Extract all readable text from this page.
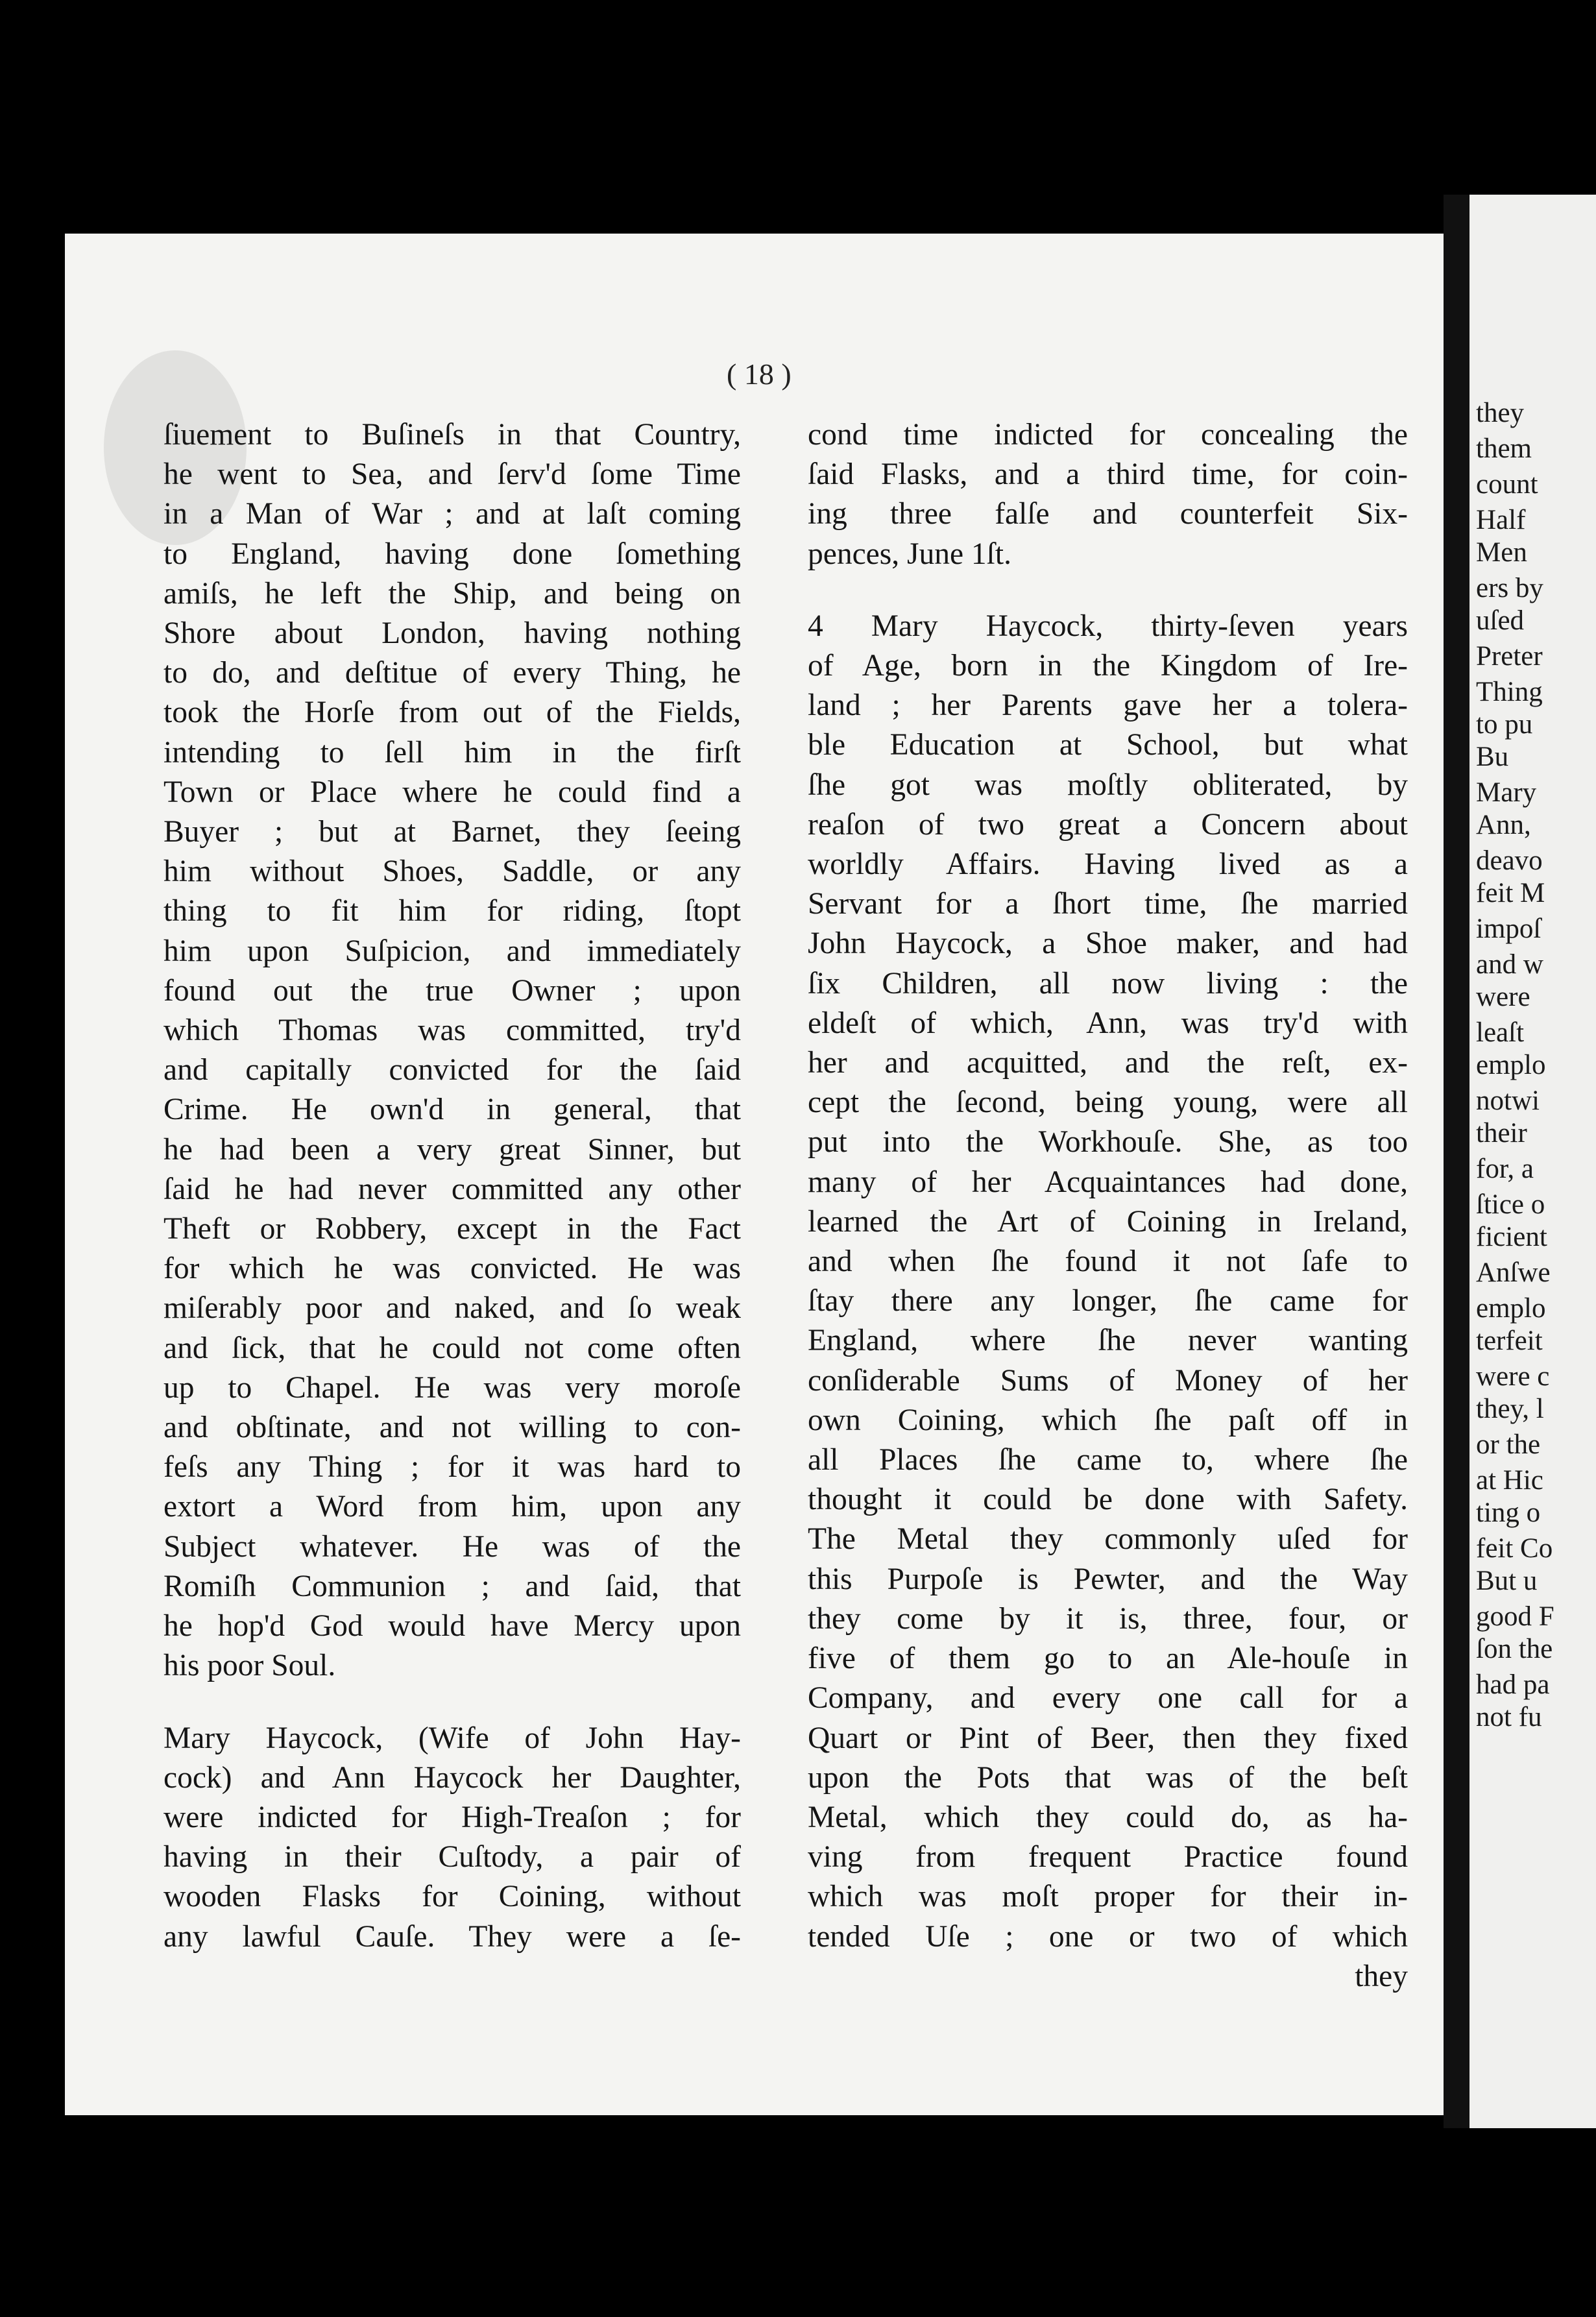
they
them
count
Half
Men
ers by
uſed
Preter
Thing
to pu
Bu
Mary
Ann,
deavo
feit M
impoſ
and w
were
leaſt
emplo
notwi
their
for, a
ſtice o
ficient
Anſwe
emplo
terfeit
were c
they, l
or the
at Hic
ting o
feit Co
But u
good F
ſon the
had pa
not fu
( 18 )
ſiuement to Buſineſs in that Country,
he went to Sea, and ſerv'd ſome Time
in a Man of War ; and at laſt coming
to England, having done ſomething
amiſs, he left the Ship, and being on
Shore about London, having nothing
to do, and deſtitue of every Thing, he
took the Horſe from out of the Fields,
intending to ſell him in the firſt
Town or Place where he could find a
Buyer ; but at Barnet, they ſeeing
him without Shoes, Saddle, or any
thing to fit him for riding, ſtopt
him upon Suſpicion, and immediately
found out the true Owner ; upon
which Thomas was committed, try'd
and capitally convicted for the ſaid
Crime. He own'd in general, that
he had been a very great Sinner, but
ſaid he had never committed any other
Theft or Robbery, except in the Fact
for which he was convicted. He was
miſerably poor and naked, and ſo weak
and ſick, that he could not come often
up to Chapel. He was very moroſe
and obſtinate, and not willing to con-
feſs any Thing ; for it was hard to
extort a Word from him, upon any
Subject whatever. He was of the
Romiſh Communion ; and ſaid, that
he hop'd God would have Mercy upon
his poor Soul.
Mary Haycock, (Wife of John Hay-
cock) and Ann Haycock her Daughter,
were indicted for High-Treaſon ; for
having in their Cuſtody, a pair of
wooden Flasks for Coining, without
any lawful Cauſe. They were a ſe-
cond time indicted for concealing the
ſaid Flasks, and a third time, for coin-
ing three falſe and counterfeit Six-
pences, June 1ſt.
4 Mary Haycock, thirty-ſeven years
of Age, born in the Kingdom of Ire-
land ; her Parents gave her a tolera-
ble Education at School, but what
ſhe got was moſtly obliterated, by
reaſon of two great a Concern about
worldly Affairs. Having lived as a
Servant for a ſhort time, ſhe married
John Haycock, a Shoe maker, and had
ſix Children, all now living : the
eldeſt of which, Ann, was try'd with
her and acquitted, and the reſt, ex-
cept the ſecond, being young, were all
put into the Workhouſe. She, as too
many of her Acquaintances had done,
learned the Art of Coining in Ireland,
and when ſhe found it not ſafe to
ſtay there any longer, ſhe came for
England, where ſhe never wanting
conſiderable Sums of Money of her
own Coining, which ſhe paſt off in
all Places ſhe came to, where ſhe
thought it could be done with Safety.
The Metal they commonly uſed for
this Purpoſe is Pewter, and the Way
they come by it is, three, four, or
five of them go to an Ale-houſe in
Company, and every one call for a
Quart or Pint of Beer, then they fixed
upon the Pots that was of the beſt
Metal, which they could do, as ha-
ving from frequent Practice found
which was moſt proper for their in-
tended Uſe ; one or two of which
they
